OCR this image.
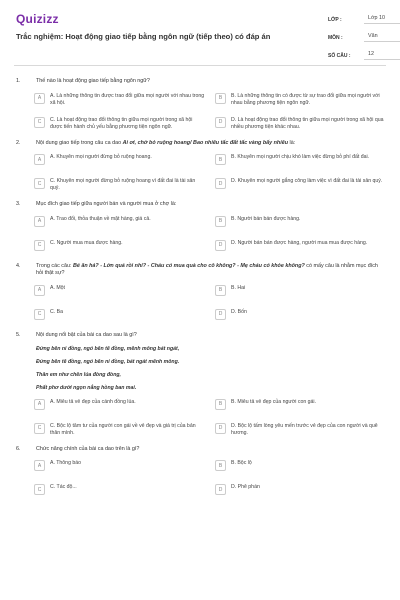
Quizizz
Trắc nghiệm: Hoạt động giao tiếp bằng ngôn ngữ (tiếp theo) có đáp án
LỚP :	Lớp 10
MÔN :	Văn
SỐ CÂU :	12
1.	Thế nào là hoạt động giao tiếp bằng ngôn ngữ?
A	A. Là những thông tin được trao đổi giữa mọi người với nhau trong xã hội.
B	B. Là những thông tin có được từ sự trao đổi giữa mọi người với nhau bằng phương tiện ngôn ngữ.
C	C. Là hoạt động trao đổi thông tin giữa mọi người trong xã hội được tiến hành chủ yếu bằng phương tiện ngôn ngữ.
D	D. Là hoạt động trao đổi thông tin giữa mọi người trong xã hội qua nhiều phương tiện khác nhau.
2.	Nội dung giao tiếp trong câu ca dao Ai ơi, chớ bỏ ruộng hoang/ Bao nhiêu tấc đất tấc vàng bấy nhiêu là:
A	A. Khuyên mọi người đừng bỏ ruộng hoang.	B	B. Khuyên mọi người chịu khó làm việc đừng bỏ phí đất đai.
C	C. Khuyên mọi người đừng bỏ ruộng hoang vì đất đai là tài sản quý.
D	D. Khuyên mọi người gắng công làm việc vì đất đai là tài sản quý.
3.	Mục đích giao tiếp giữa người bán và người mua ở chợ là:
A	A. Trao đổi, thỏa thuận về mặt hàng, giá cả.	B	B. Người bán bán được hàng.
C	C. Người mua mua được hàng.	D	D. Người bán bán được hàng, người mua mua được hàng.
4.	Trong các câu: Bé ăn hả? - Lớn quá rồi nhỉ? - Cháu có mua quà cho cô không? - Mẹ cháu có khỏe không? có mấy câu là nhằm mục đích hỏi thật sự?
A	A. Một	B	B. Hai
C	C. Ba	D	D. Bốn
5.	Nội dung nổi bật của bài ca dao sau là gì?
Đứng bên ni đồng, ngó bên tê đồng, mênh mông bát ngát,
Đứng bên tê đồng, ngó bên ni đồng, bát ngát mênh mông.
Thân em như chẽn lúa đòng đòng,
Phất phơ dưới ngọn nắng hồng ban mai.
A	A. Miêu tả vẻ đẹp của cánh đồng lúa.	B	B. Miêu tả vẻ đẹp của người con gái.
C	C. Bộc lộ tâm tư của người con gái về vẻ đẹp và giá trị của bản thân mình.
D	D. Bộc lộ tấm lòng yêu mến trước vẻ đẹp của con người và quê hương.
6.	Chức năng chính của bài ca dao trên là gì?
A	A. Thông báo	B	B. Bộc lộ
C	C. Tác độ...	D	D. Phê phán
